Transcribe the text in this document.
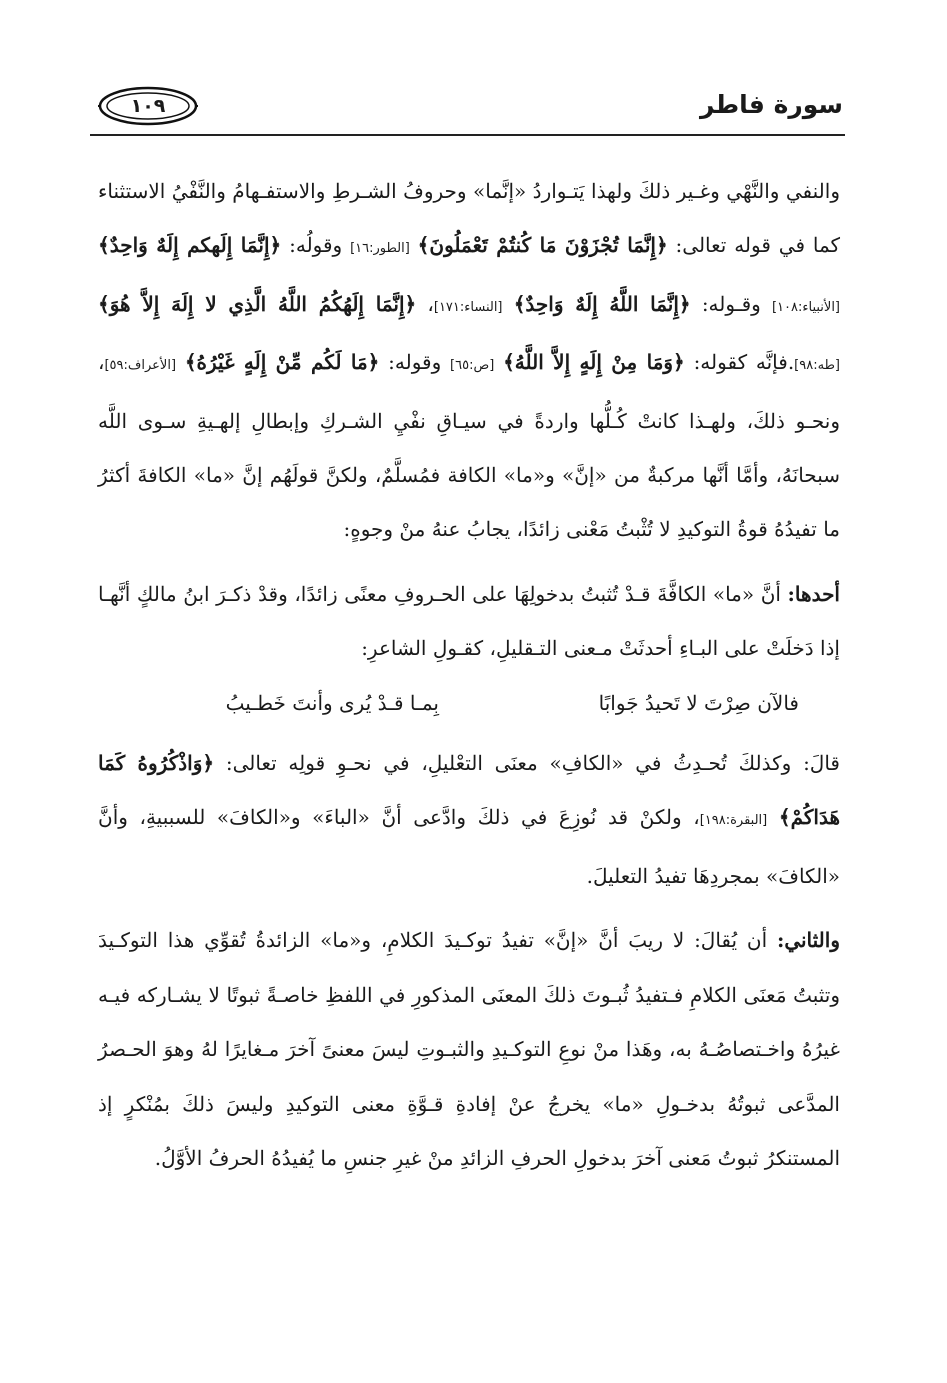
سورة فاطر
١٠٩

والنفي والنَّهْي وغـير ذلكَ ولهذا يَتـواردُ «إنَّما» وحروفُ الشـرطِ والاستفـهامُ والنَّفْيُ الاستثناء كما في قوله تعالى: ﴿إِنَّمَا تُجْزَوْنَ مَا كُنتُمْ تَعْمَلُونَ﴾ [الطور:١٦] وقولُه: ﴿إِنَّمَا إِلَهكم إِلَهٌ وَاحِدٌ﴾ [الأنبياء:١٠٨] وقـوله: ﴿إِنَّمَا اللَّهُ إِلَهٌ وَاحِدٌ﴾ [النساء:١٧١]، ﴿إِنَّمَا إِلَهُكُمُ اللَّهُ الَّذِي لا إِلَهَ إِلاَّ هُوَ﴾ [طه:٩٨].فإنَّه كقوله: ﴿وَمَا مِنْ إِلَهٍ إِلاَّ اللَّهُ﴾ [ص:٦٥] وقوله: ﴿مَا لَكُم مِّنْ إِلَهٍ غَيْرُهُ﴾ [الأعراف:٥٩]، ونحـو ذلكَ، ولهـذا كانتْ كُـلُّها واردةً في سيـاقِ نفْيِ الشـركِ وإبطالِ إلهـيةِ سـوى اللَّه سبحانَهُ، وأمَّا أنَّها مركبةٌ من «إنَّ» و«ما» الكافة فمُسلَّمٌ، ولكنَّ قولَهُم إنَّ «ما» الكافةَ أكثرُ ما تفيدُهُ قوةُ التوكيدِ لا تُثْبتُ مَعْنى زائدًا، يجابُ عنهُ منْ وجوهٍ:

أحدها: أنَّ «ما» الكافَّةَ قـدْ تُثبتُ بدخولِهَا على الحـروفِ معنًى زائدًا، وقدْ ذكـرَ ابنُ مالكٍ أنَّهـا إذا دَخلَتْ على البـاءِ أحدثَتْ مـعنى التـقليلِ، كقـولِ الشاعرِ:

فالآن صِرْتَ لا تَحيدُ جَوابًا
بِمـا قـدْ يُرى وأنتَ خَطـيبُ

قالَ: وكذلكَ تُحـدِثُ في «الكافِ» معنَى التعْليلِ، في نحـوِ قولِه تعالى: ﴿وَاذْكُرُوهُ كَمَا هَدَاكُمْ﴾ [البقرة:١٩٨]، ولكنْ قد نُوزِعَ في ذلكَ وادَّعى أنَّ «الباءَ» و«الكافَ» للسببيةِ، وأنَّ «الكافَ» بمجردِهَا تفيدُ التعليلَ.

والثاني: أن يُقالَ: لا ريبَ أنَّ «إنَّ» تفيدُ توكـيدَ الكلامِ، و«ما» الزائدةُ تُقوِّي هذا التوكـيدَ وتثبتُ مَعنَى الكلامِ فـتفيدُ ثُبـوتَ ذلكَ المعنَى المذكورِ في اللفظِ خاصـةً ثبوتًا لا يشـاركه فيـه غيرُهُ واخـتصاصُـهُ به، وهَذا منْ نوعِ التوكـيدِ والثبـوتِ ليسَ معنىً آخرَ مـغايرًا لهُ وهوَ الحـصرُ المدَّعى ثبوتُهُ بدخـولِ «ما» يخرجُ عنْ إفادةِ قـوَّةِ معنى التوكيدِ وليسَ ذلكَ بمُنْكرٍ إذ المستنكرُ ثبوتُ مَعنى آخرَ بدخولِ الحرفِ الزائدِ منْ غيرِ جنسِ ما يُفيدُهُ الحرفُ الأوَّلُ.
